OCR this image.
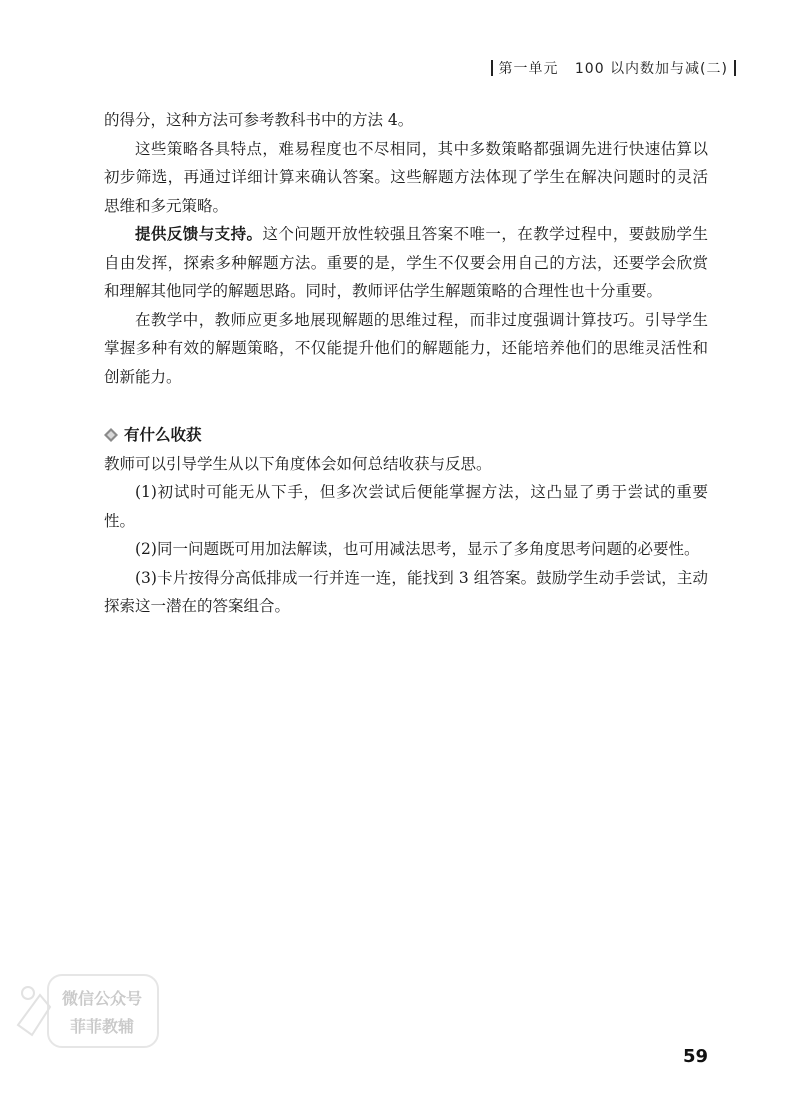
第一单元 100 以内数加与减(二)

的得分，这种方法可参考教科书中的方法 4。

这些策略各具特点，难易程度也不尽相同，其中多数策略都强调先进行快速估算以初步筛选，再通过详细计算来确认答案。这些解题方法体现了学生在解决问题时的灵活思维和多元策略。

提供反馈与支持。这个问题开放性较强且答案不唯一，在教学过程中，要鼓励学生自由发挥，探索多种解题方法。重要的是，学生不仅要会用自己的方法，还要学会欣赏和理解其他同学的解题思路。同时，教师评估学生解题策略的合理性也十分重要。

在教学中，教师应更多地展现解题的思维过程，而非过度强调计算技巧。引导学生掌握多种有效的解题策略，不仅能提升他们的解题能力，还能培养他们的思维灵活性和创新能力。

有什么收获

教师可以引导学生从以下角度体会如何总结收获与反思。

(1)初试时可能无从下手，但多次尝试后便能掌握方法，这凸显了勇于尝试的重要性。

(2)同一问题既可用加法解读，也可用减法思考，显示了多角度思考问题的必要性。

(3)卡片按得分高低排成一行并连一连，能找到 3 组答案。鼓励学生动手尝试，主动探索这一潜在的答案组合。

微信公众号
菲菲教辅
59
